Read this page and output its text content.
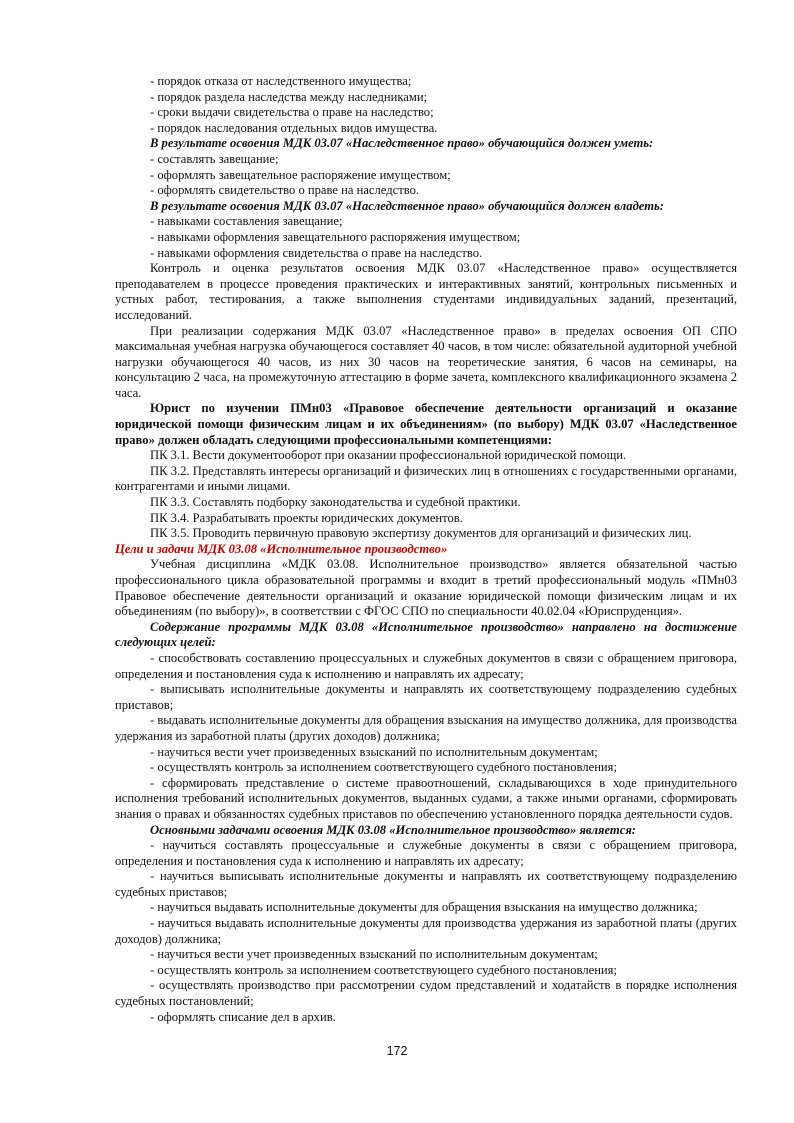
- порядок отказа от наследственного имущества;

- порядок раздела наследства между наследниками;

- сроки выдачи свидетельства о праве на наследство;

- порядок наследования отдельных видов имущества.

В результате освоения МДК 03.07 «Наследственное право» обучающийся должен уметь:

- составлять завещание;

- оформлять завещательное распоряжение имуществом;

- оформлять свидетельство о праве на наследство.

В результате освоения МДК 03.07 «Наследственное право» обучающийся должен владеть:

- навыками составления завещание;

- навыками оформления завещательного распоряжения имуществом;

- навыками оформления свидетельства о праве на наследство.

Контроль и оценка результатов освоения МДК 03.07 «Наследственное право» осуществляется преподавателем в процессе проведения практических и интерактивных занятий, контрольных письменных и устных работ, тестирования, а также выполнения студентами индивидуальных заданий, презентаций, исследований.

При реализации содержания МДК 03.07 «Наследственное право» в пределах освоения ОП СПО максимальная учебная нагрузка обучающегося составляет 40 часов, в том числе: обязательной аудиторной учебной нагрузки обучающегося 40 часов, из них 30 часов на теоретические занятия, 6 часов на семинары, на консультацию 2 часа, на промежуточную аттестацию в форме зачета, комплексного квалификационного экзамена 2 часа.

Юрист по изучении ПМн03 «Правовое обеспечение деятельности организаций и оказание юридической помощи физическим лицам и их объединениям» (по выбору) МДК 03.07 «Наследственное право» должен обладать следующими профессиональными компетенциями:

ПК 3.1. Вести документооборот при оказании профессиональной юридической помощи.

ПК 3.2. Представлять интересы организаций и физических лиц в отношениях с государственными органами, контрагентами и иными лицами.

ПК 3.3. Составлять подборку законодательства и судебной практики.

ПК 3.4. Разрабатывать проекты юридических документов.

ПК 3.5. Проводить первичную правовую экспертизу документов для организаций и физических лиц.

Цели и задачи МДК 03.08 «Исполнительное производство»

Учебная дисциплина «МДК 03.08. Исполнительное производство» является обязательной частью профессионального цикла образовательной программы и входит в третий профессиональный модуль «ПМн03 Правовое обеспечение деятельности организаций и оказание юридической помощи физическим лицам и их объединениям (по выбору)», в соответствии с ФГОС СПО по специальности 40.02.04 «Юриспруденция».

Содержание программы МДК 03.08 «Исполнительное производство» направлено на достижение следующих целей:

- способствовать составлению процессуальных и служебных документов в связи с обращением приговора, определения и постановления суда к исполнению и направлять их адресату;

- выписывать исполнительные документы и направлять их соответствующему подразделению судебных приставов;

- выдавать исполнительные документы для обращения взыскания на имущество должника, для производства удержания из заработной платы (других доходов) должника;

- научиться вести учет произведенных взысканий по исполнительным документам;

- осуществлять контроль за исполнением соответствующего судебного постановления;

- сформировать представление о системе правоотношений, складывающихся в ходе принудительного исполнения требований исполнительных документов, выданных судами, а также иными органами, сформировать знания о правах и обязанностях судебных приставов по обеспечению установленного порядка деятельности судов.

Основными задачами освоения МДК 03.08 «Исполнительное производство» является:

- научиться составлять процессуальные и служебные документы в связи с обращением приговора, определения и постановления суда к исполнению и направлять их адресату;

- научиться выписывать исполнительные документы и направлять их соответствующему подразделению судебных приставов;

- научиться выдавать исполнительные документы для обращения взыскания на имущество должника;

- научиться выдавать исполнительные документы для производства удержания из заработной платы (других доходов) должника;

- научиться вести учет произведенных взысканий по исполнительным документам;

- осуществлять контроль за исполнением соответствующего судебного постановления;

- осуществлять производство при рассмотрении судом представлений и ходатайств в порядке исполнения судебных постановлений;

- оформлять списание дел в архив.

172
